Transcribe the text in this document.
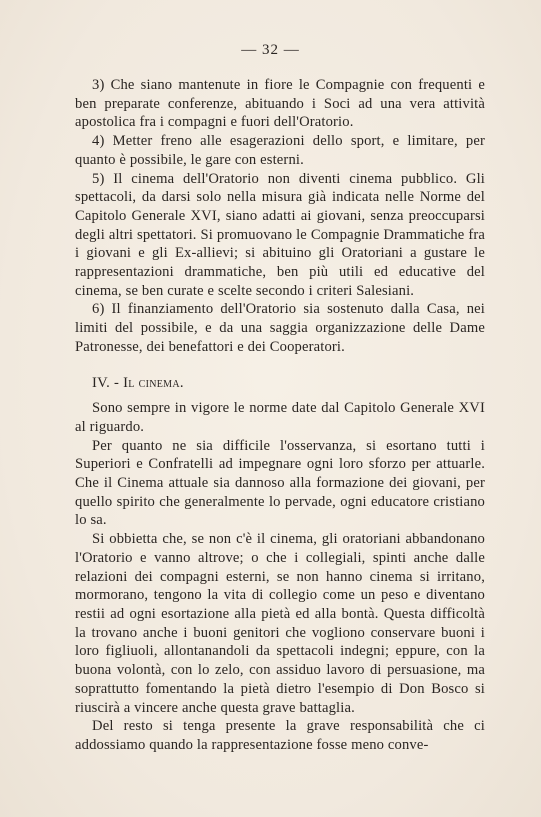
— 32 —

3) Che siano mantenute in fiore le Compagnie con frequenti e ben preparate conferenze, abituando i Soci ad una vera attività apostolica fra i compagni e fuori dell'Oratorio.

4) Metter freno alle esagerazioni dello sport, e limitare, per quanto è possibile, le gare con esterni.

5) Il cinema dell'Oratorio non diventi cinema pubblico. Gli spettacoli, da darsi solo nella misura già indicata nelle Norme del Capitolo Generale XVI, siano adatti ai giovani, senza preoccuparsi degli altri spettatori. Si promuovano le Compagnie Drammatiche fra i giovani e gli Ex-allievi; si abituino gli Oratoriani a gustare le rappresentazioni drammatiche, ben più utili ed educative del cinema, se ben curate e scelte secondo i criteri Salesiani.

6) Il finanziamento dell'Oratorio sia sostenuto dalla Casa, nei limiti del possibile, e da una saggia organizzazione delle Dame Patronesse, dei benefattori e dei Cooperatori.

IV. - Il cinema.

Sono sempre in vigore le norme date dal Capitolo Generale XVI al riguardo.

Per quanto ne sia difficile l'osservanza, si esortano tutti i Superiori e Confratelli ad impegnare ogni loro sforzo per attuarle. Che il Cinema attuale sia dannoso alla formazione dei giovani, per quello spirito che generalmente lo pervade, ogni educatore cristiano lo sa.

Si obbietta che, se non c'è il cinema, gli oratoriani abbandonano l'Oratorio e vanno altrove; o che i collegiali, spinti anche dalle relazioni dei compagni esterni, se non hanno cinema si irritano, mormorano, tengono la vita di collegio come un peso e diventano restii ad ogni esortazione alla pietà ed alla bontà. Questa difficoltà la trovano anche i buoni genitori che vogliono conservare buoni i loro figliuoli, allontanandoli da spettacoli indegni; eppure, con la buona volontà, con lo zelo, con assiduo lavoro di persuasione, ma soprattutto fomentando la pietà dietro l'esempio di Don Bosco si riuscirà a vincere anche questa grave battaglia.

Del resto si tenga presente la grave responsabilità che ci addossiamo quando la rappresentazione fosse meno conve-
